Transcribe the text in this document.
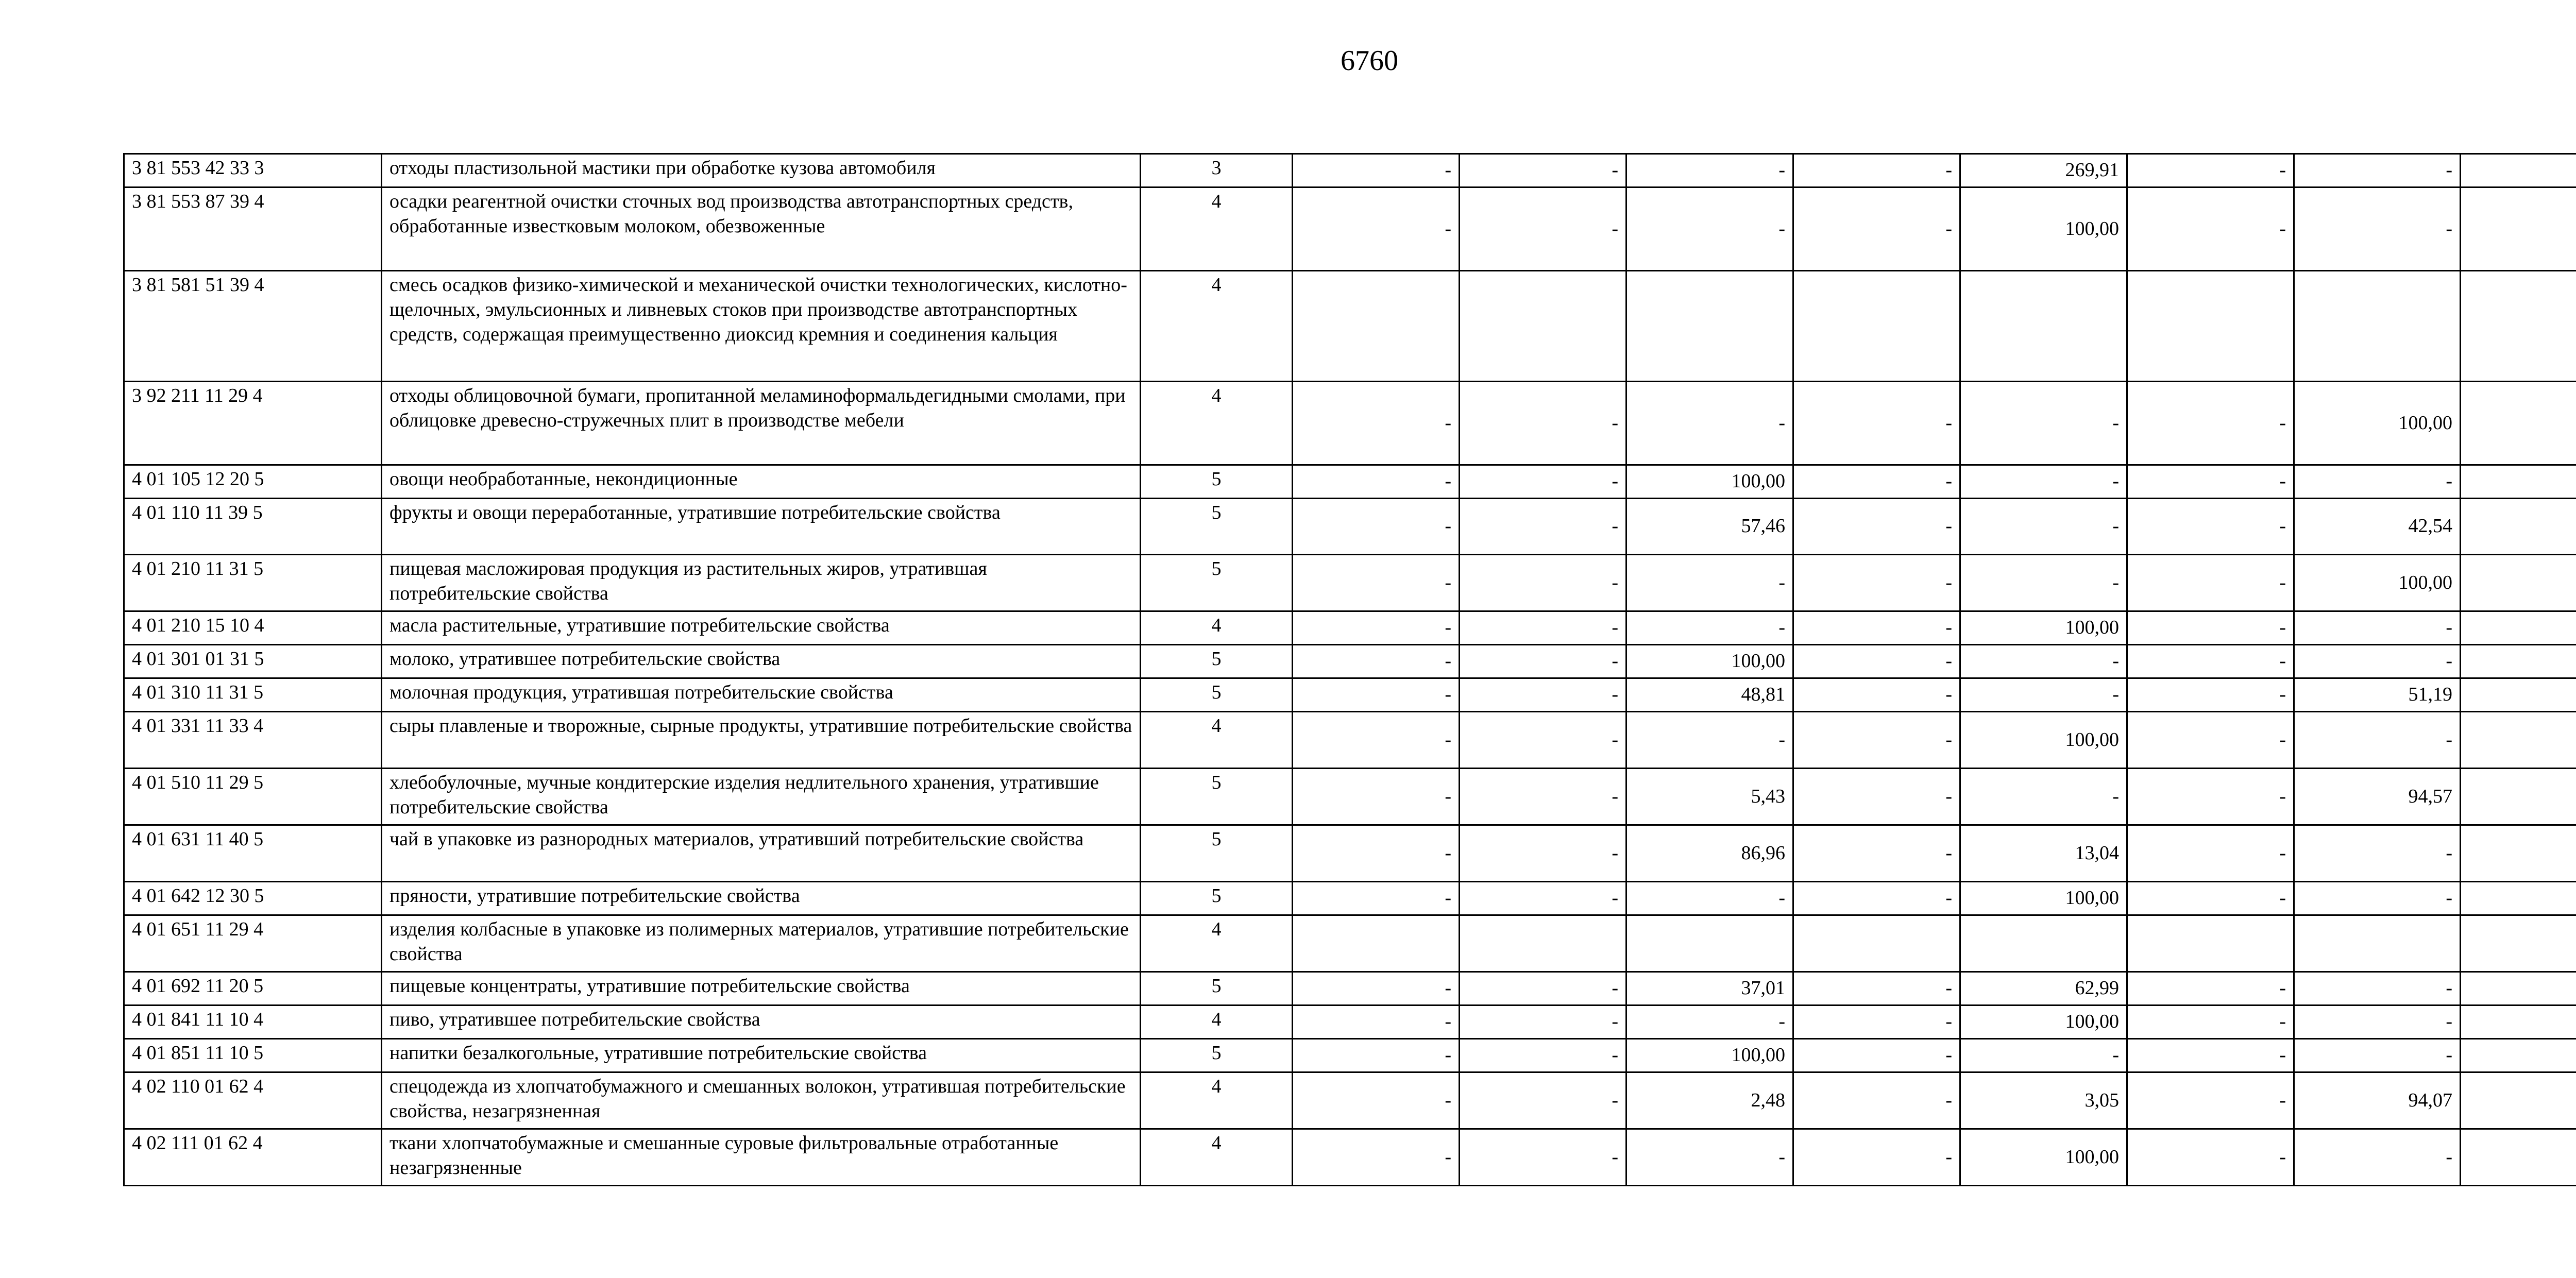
6760
3 81 553 42 33 3	отходы пластизольной мастики при обработке кузова автомобиля	3	-	-	-	-	269,91	-	-	
3 81 553 87 39 4	осадки реагентной очистки сточных вод производства автотранспортных средств, обработанные известковым молоком, обезвоженные	4	-	-	-	-	100,00	-	-	
3 81 581 51 39 4	смесь осадков физико-химической и механической очистки технологических, кислотно-щелочных, эмульсионных и ливневых стоков при производстве автотранспортных средств, содержащая преимущественно диоксид кремния и соединения кальция	4								
3 92 211 11 29 4	отходы облицовочной бумаги, пропитанной меламиноформальдегидными смолами, при облицовке древесно-стружечных плит в производстве мебели	4	-	-	-	-	-	-	100,00	
4 01 105 12 20 5	овощи необработанные, некондиционные	5	-	-	100,00	-	-	-	-	
4 01 110 11 39 5	фрукты и овощи переработанные, утратившие потребительские свойства	5	-	-	57,46	-	-	-	42,54	
4 01 210 11 31 5	пищевая масложировая продукция из растительных жиров, утратившая потребительские свойства	5	-	-	-	-	-	-	100,00	
4 01 210 15 10 4	масла растительные, утратившие потребительские свойства	4	-	-	-	-	100,00	-	-	
4 01 301 01 31 5	молоко, утратившее потребительские свойства	5	-	-	100,00	-	-	-	-	
4 01 310 11 31 5	молочная продукция, утратившая потребительские свойства	5	-	-	48,81	-	-	-	51,19	
4 01 331 11 33 4	сыры плавленые и творожные, сырные продукты, утратившие потребительские свойства	4	-	-	-	-	100,00	-	-	
4 01 510 11 29 5	хлебобулочные, мучные кондитерские изделия недлительного хранения, утратившие потребительские свойства	5	-	-	5,43	-	-	-	94,57	
4 01 631 11 40 5	чай в упаковке из разнородных материалов, утративший потребительские свойства	5	-	-	86,96	-	13,04	-	-	
4 01 642 12 30 5	пряности, утратившие потребительские свойства	5	-	-	-	-	100,00	-	-	
4 01 651 11 29 4	изделия колбасные в упаковке из полимерных материалов, утратившие потребительские свойства	4								
4 01 692 11 20 5	пищевые концентраты, утратившие потребительские свойства	5	-	-	37,01	-	62,99	-	-	
4 01 841 11 10 4	пиво, утратившее потребительские свойства	4	-	-	-	-	100,00	-	-	
4 01 851 11 10 5	напитки безалкогольные, утратившие потребительские свойства	5	-	-	100,00	-	-	-	-	
4 02 110 01 62 4	спецодежда из хлопчатобумажного и смешанных волокон, утратившая потребительские свойства, незагрязненная	4	-	-	2,48	-	3,05	-	94,07	
4 02 111 01 62 4	ткани хлопчатобумажные и смешанные суровые фильтровальные отработанные незагрязненные	4	-	-	-	-	100,00	-	-	
